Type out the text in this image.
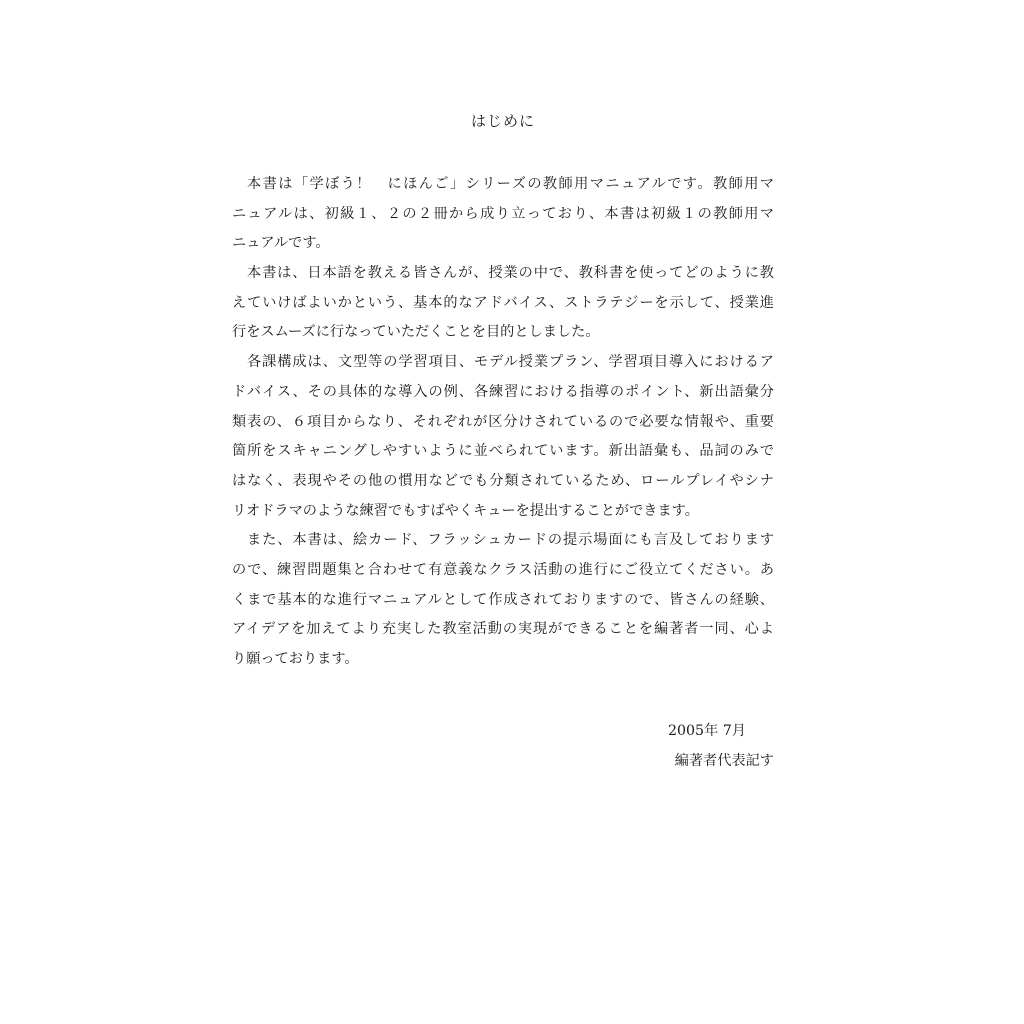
はじめに
本書は「学ぼう！　にほんご」シリーズの教師用マニュアルです。教師用マ
ニュアルは、初級１、２の２冊から成り立っており、本書は初級１の教師用マ
ニュアルです。
本書は、日本語を教える皆さんが、授業の中で、教科書を使ってどのように教
えていけばよいかという、基本的なアドバイス、ストラテジーを示して、授業進
行をスムーズに行なっていただくことを目的としました。
各課構成は、文型等の学習項目、モデル授業プラン、学習項目導入におけるア
ドバイス、その具体的な導入の例、各練習における指導のポイント、新出語彙分
類表の、６項目からなり、それぞれが区分けされているので必要な情報や、重要
箇所をスキャニングしやすいように並べられています。新出語彙も、品詞のみで
はなく、表現やその他の慣用などでも分類されているため、ロールプレイやシナ
リオドラマのような練習でもすばやくキューを提出することができます。
また、本書は、絵カード、フラッシュカードの提示場面にも言及しております
ので、練習問題集と合わせて有意義なクラス活動の進行にご役立てください。あ
くまで基本的な進行マニュアルとして作成されておりますので、皆さんの経験、
アイデアを加えてより充実した教室活動の実現ができることを編著者一同、心よ
り願っております。
2005年 7月
編著者代表記す
